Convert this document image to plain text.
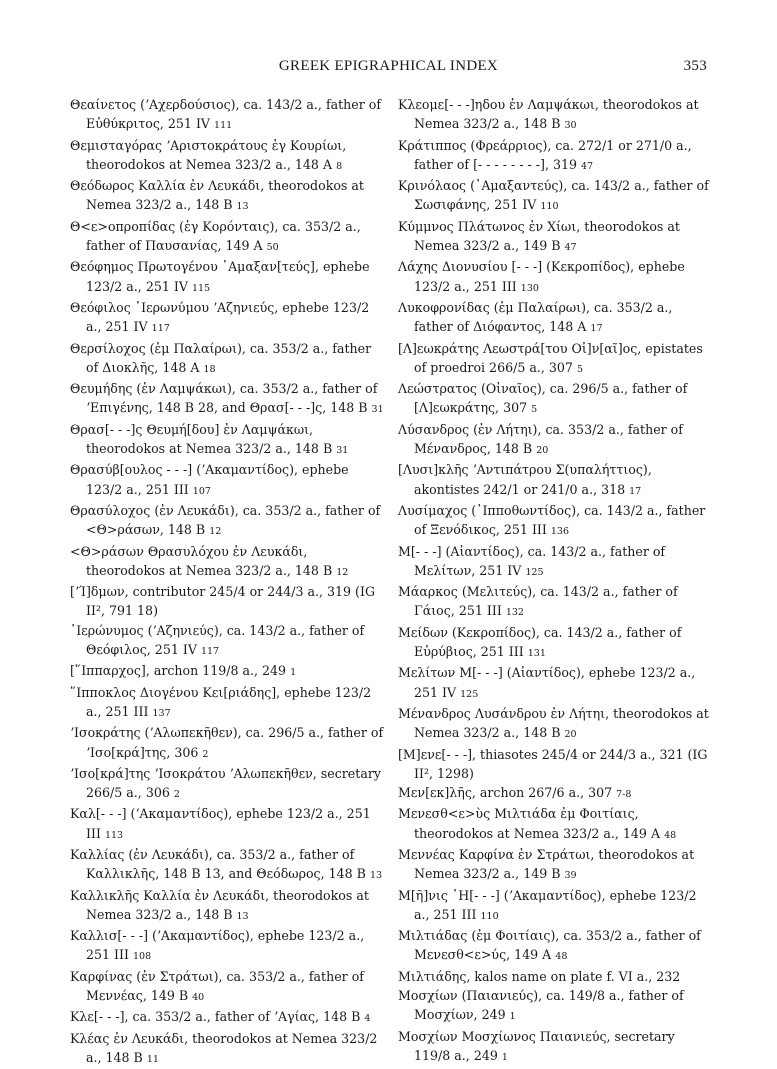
GREEK EPIGRAPHICAL INDEX	353

Θεαίνετος (ʼΑχερδούσιος), ca. 143/2 a., father of Εὐθύκριτος, 251 IV 111

Θεμισταγόρας ʼΑριστοκράτους ἐγ Κουρίωι, theorodokos at Nemea 323/2 a., 148 A 8

Θεόδωρος Καλλία ἐν Λευκάδι, theorodokos at Nemea 323/2 a., 148 B 13

Θ<ε>οπροπίδας (ἐγ Κορόνταις), ca. 353/2 a., father of Παυσανίας, 149 A 50

Θεόφημος Πρωτογένου ῾Αμαξαν[τεύς], ephebe 123/2 a., 251 IV 115

Θεόφιλος ῾Ιερωνύμου ʼΑζηνιεύς, ephebe 123/2 a., 251 IV 117

Θερσίλοχος (ἐμ Παλαίρωι), ca. 353/2 a., father of Διοκλῆς, 148 A 18

Θευμήδης (ἐν Λαμψάκωι), ca. 353/2 a., father of ʼΕπιγένης, 148 B 28, and Θρασ[- - -]ς, 148 B 31

Θρασ[- - -]ς Θευμή[δου] ἐν Λαμψάκωι, theorodokos at Nemea 323/2 a., 148 B 31

Θρασύβ[ουλος - - -] (ʼΑκαμαντίδος), ephebe 123/2 a., 251 III 107

Θρασύλοχος (ἐν Λευκάδι), ca. 353/2 a., father of <Θ>ράσων, 148 B 12

<Θ>ράσων Θρασυλόχου ἐν Λευκάδι, theorodokos at Nemea 323/2 a., 148 B 12

[ʼΊ]δμων, contributor 245/4 or 244/3 a., 319 (IG II², 791 18)

῾Ιερώνυμος (ʼΑζηνιεύς), ca. 143/2 a., father of Θεόφιλος, 251 IV 117

[῞Ιππαρχος], archon 119/8 a., 249 1

῞Ιπποκλος Διογένου Κει[ριάδης], ephebe 123/2 a., 251 III 137

ʼΙσοκράτης (ʼΑλωπεκῆθεν), ca. 296/5 a., father of ʼΙσο[κρά]της, 306 2

ʼΙσο[κρά]της ʼΙσοκράτου ʼΑλωπεκῆθεν, secretary 266/5 a., 306 2

Καλ[- - -] (ʼΑκαμαντίδος), ephebe 123/2 a., 251 III 113

Καλλίας (ἐν Λευκάδι), ca. 353/2 a., father of Καλλικλῆς, 148 B 13, and Θεόδωρος, 148 B 13

Καλλικλῆς Καλλία ἐν Λευκάδι, theorodokos at Nemea 323/2 a., 148 B 13

Καλλισ[- - -] (ʼΑκαμαντίδος), ephebe 123/2 a., 251 III 108

Καρφίνας (ἐν Στράτωι), ca. 353/2 a., father of Μεννέας, 149 B 40

Κλε[- - -], ca. 353/2 a., father of ʼΑγίας, 148 B 4

Κλέας ἐν Λευκάδι, theorodokos at Nemea 323/2 a., 148 B 11

Κλεομε[- - -]ηδου ἐν Λαμψάκωι, theorodokos at Nemea 323/2 a., 148 B 30

Κράτιππος (Φρεάρριος), ca. 272/1 or 271/0 a., father of [- - - - - - - -], 319 47

Κρινόλαος (῾Αμαξαντεύς), ca. 143/2 a., father of Σωσιφάνης, 251 IV 110

Κύμμνος Πλάτωνος ἐν Χίωι, theorodokos at Nemea 323/2 a., 149 B 47

Λάχης Διονυσίου [- - -] (Κεκροπίδος), ephebe 123/2 a., 251 III 130

Λυκοφρονίδας (ἐμ Παλαίρωι), ca. 353/2 a., father of Διόφαντος, 148 A 17

[Λ]εωκράτης Λεωστρά[του Οἰ]ν[αῖ]ος, epistates of proedroi 266/5 a., 307 5

Λεώστρατος (Οἰναῖος), ca. 296/5 a., father of [Λ]εωκράτης, 307 5

Λύσανδρος (ἐν Λήτηι), ca. 353/2 a., father of Μένανδρος, 148 B 20

[Λυσι]κλῆς ʼΑντιπάτρου Σ(υπαλήττιος), akontistes 242/1 or 241/0 a., 318 17

Λυσίμαχος (῾Ιπποθωντίδος), ca. 143/2 a., father of Ξενόδικος, 251 III 136

Μ[- - -] (Αἰαντίδος), ca. 143/2 a., father of Μελίτων, 251 IV 125

Μάαρκος (Μελιτεύς), ca. 143/2 a., father of Γάιος, 251 III 132

Μείδων (Κεκροπίδος), ca. 143/2 a., father of Εὐρύβιος, 251 III 131

Μελίτων Μ[- - -] (Αἰαντίδος), ephebe 123/2 a., 251 IV 125

Μένανδρος Λυσάνδρου ἐν Λήτηι, theorodokos at Nemea 323/2 a., 148 B 20

[Μ]ενε[- - -], thiasotes 245/4 or 244/3 a., 321 (IG II², 1298)

Μεν[εκ]λῆς, archon 267/6 a., 307 7-8

Μενεσθ<ε>ὺς Μιλτιάδα ἐμ Φοιτίαις, theorodokos at Nemea 323/2 a., 149 A 48

Μεννέας Καρφίνα ἐν Στράτωι, theorodokos at Nemea 323/2 a., 149 B 39

Μ[ῆ]νις ῾Η[- - -] (ʼΑκαμαντίδος), ephebe 123/2 a., 251 III 110

Μιλτιάδας (ἐμ Φοιτίαις), ca. 353/2 a., father of Μενεσθ<ε>ύς, 149 A 48

Μιλτιάδης, kalos name on plate f. VI a., 232

Μοσχίων (Παιανιεύς), ca. 149/8 a., father of Μοσχίων, 249 1

Μοσχίων Μοσχίωνος Παιανιεύς, secretary 119/8 a., 249 1
